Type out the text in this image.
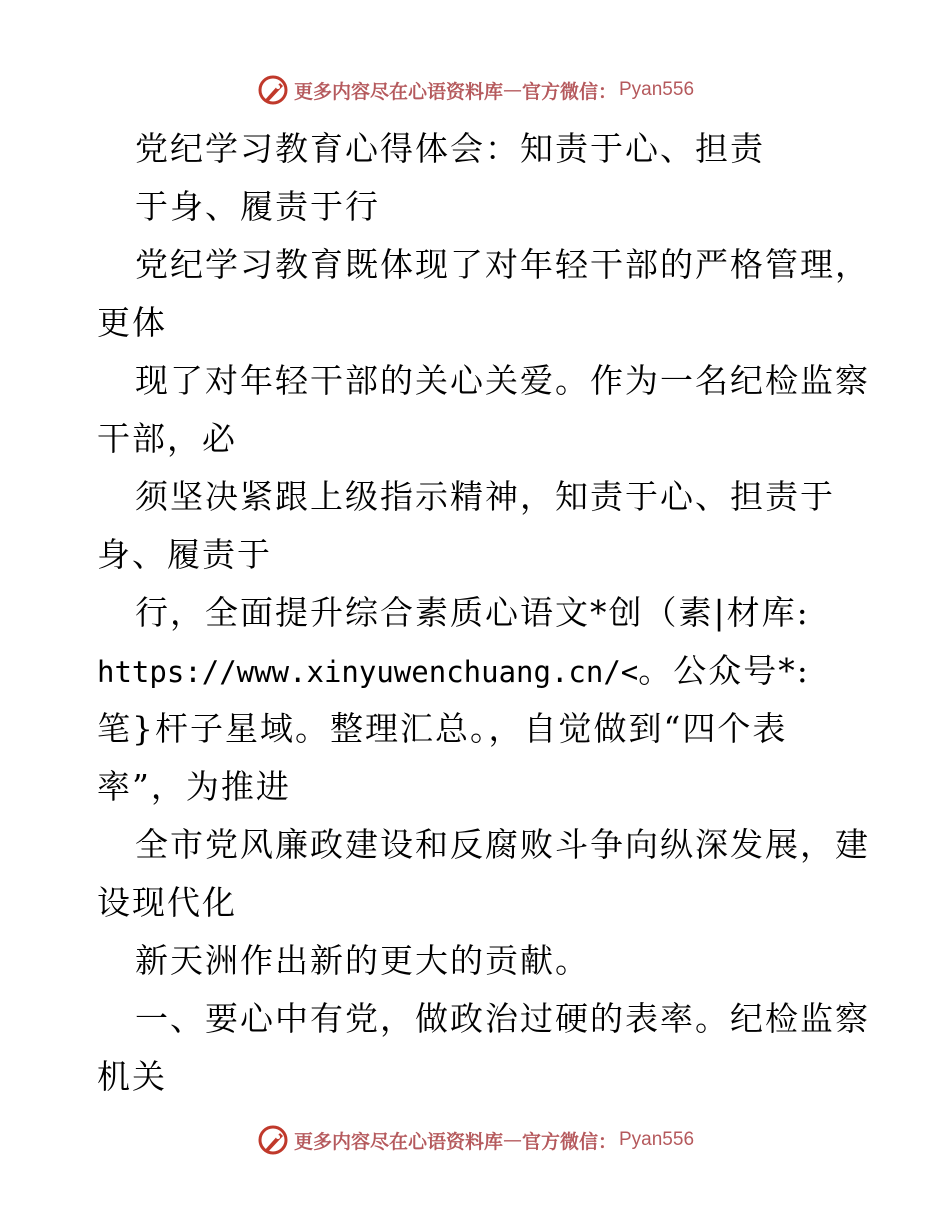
更多内容尽在心语资料库 — 官方微信： Pyan556
党纪学习教育心得体会：知责于心、担责
于身、履责于行
党纪学习教育既体现了对年轻干部的严格管理，
更体
现了对年轻干部的关心关爱。作为一名纪检监察
干部，必
须坚决紧跟上级指示精神，知责于心、担责于
身、履责于
行，全面提升综合素质心语文*创（素|材库:
https://www.xinyuwenchuang.cn/<。公众号*:
笔}杆子星域。整理汇总。，自觉做到“四个表
率”，为推进
全市党风廉政建设和反腐败斗争向纵深发展，建
设现代化
新天洲作出新的更大的贡献。
一、要心中有党，做政治过硬的表率。纪检监察
机关
更多内容尽在心语资料库 — 官方微信： Pyan556
